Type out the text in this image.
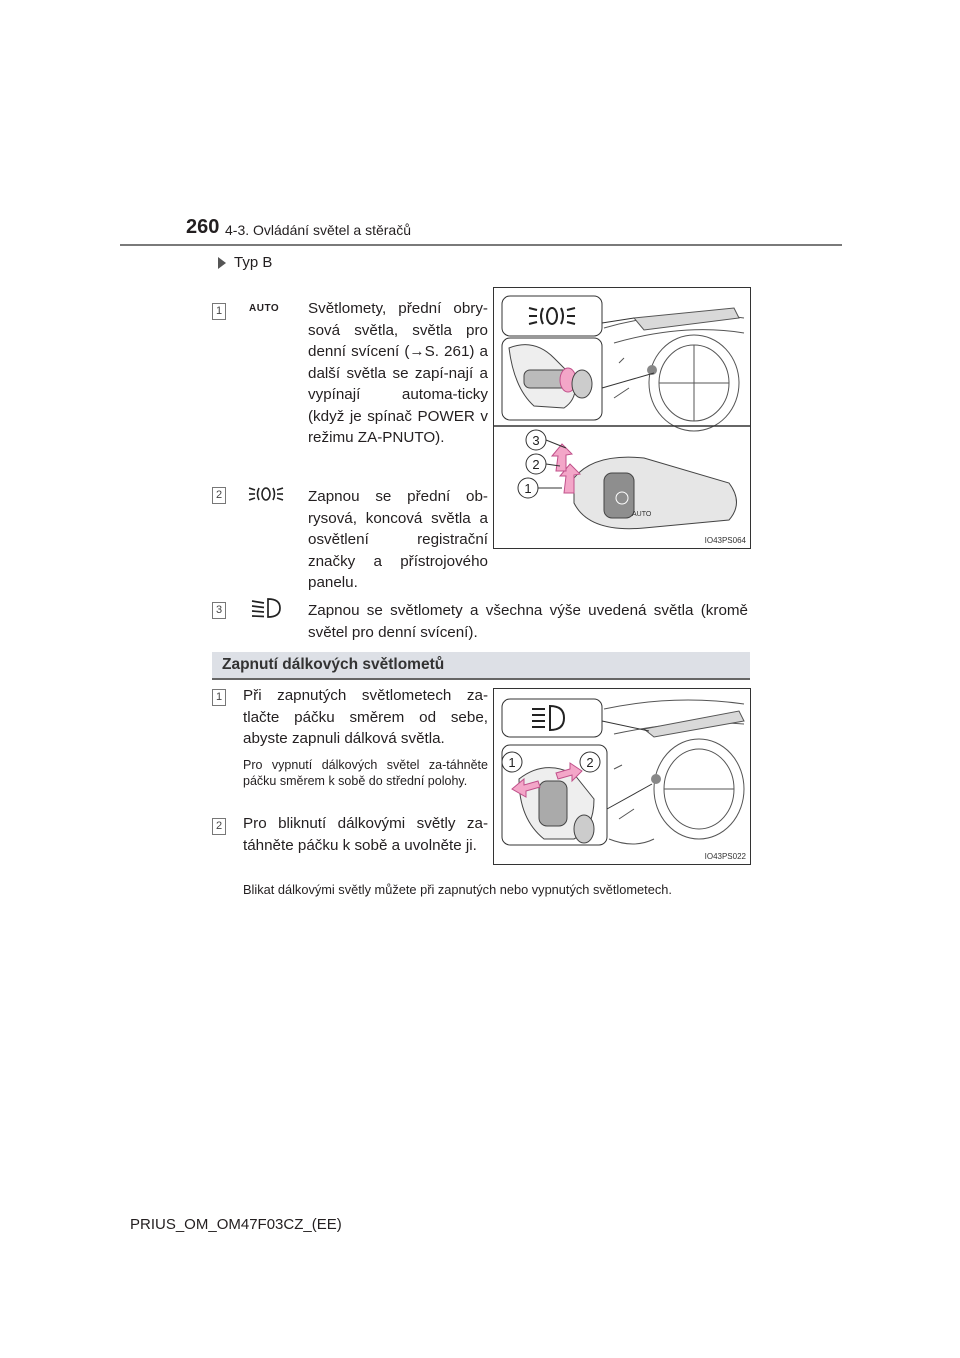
260 4-3. Ovládání světel a stěračů
Typ B
1	AUTO Světlomety, přední obry-sová světla, světla pro denní svícení (→S. 261) a další světla se zapí-nají a vypínají automa-ticky (když je spínač POWER v režimu ZA-PNUTO).
2	Zapnou se přední ob-rysová, koncová světla a osvětlení registrační značky a přístrojového panelu.
3	Zapnou se světlomety a všechna výše uvedená světla (kromě světel pro denní svícení).
AUTO
3
2
1
IO43PS064
Zapnutí dálkových světlometů
1 Při zapnutých světlometech za-tlačte páčku směrem od sebe, abyste zapnuli dálková světla.
Pro vypnutí dálkových světel za-táhněte páčku směrem k sobě do střední polohy.
2 Pro bliknutí dálkovými světly za-táhněte páčku k sobě a uvolněte ji.
1	2
IO43PS022
Blikat dálkovými světly můžete při zapnutých nebo vypnutých světlometech.
PRIUS_OM_OM47F03CZ_(EE)
